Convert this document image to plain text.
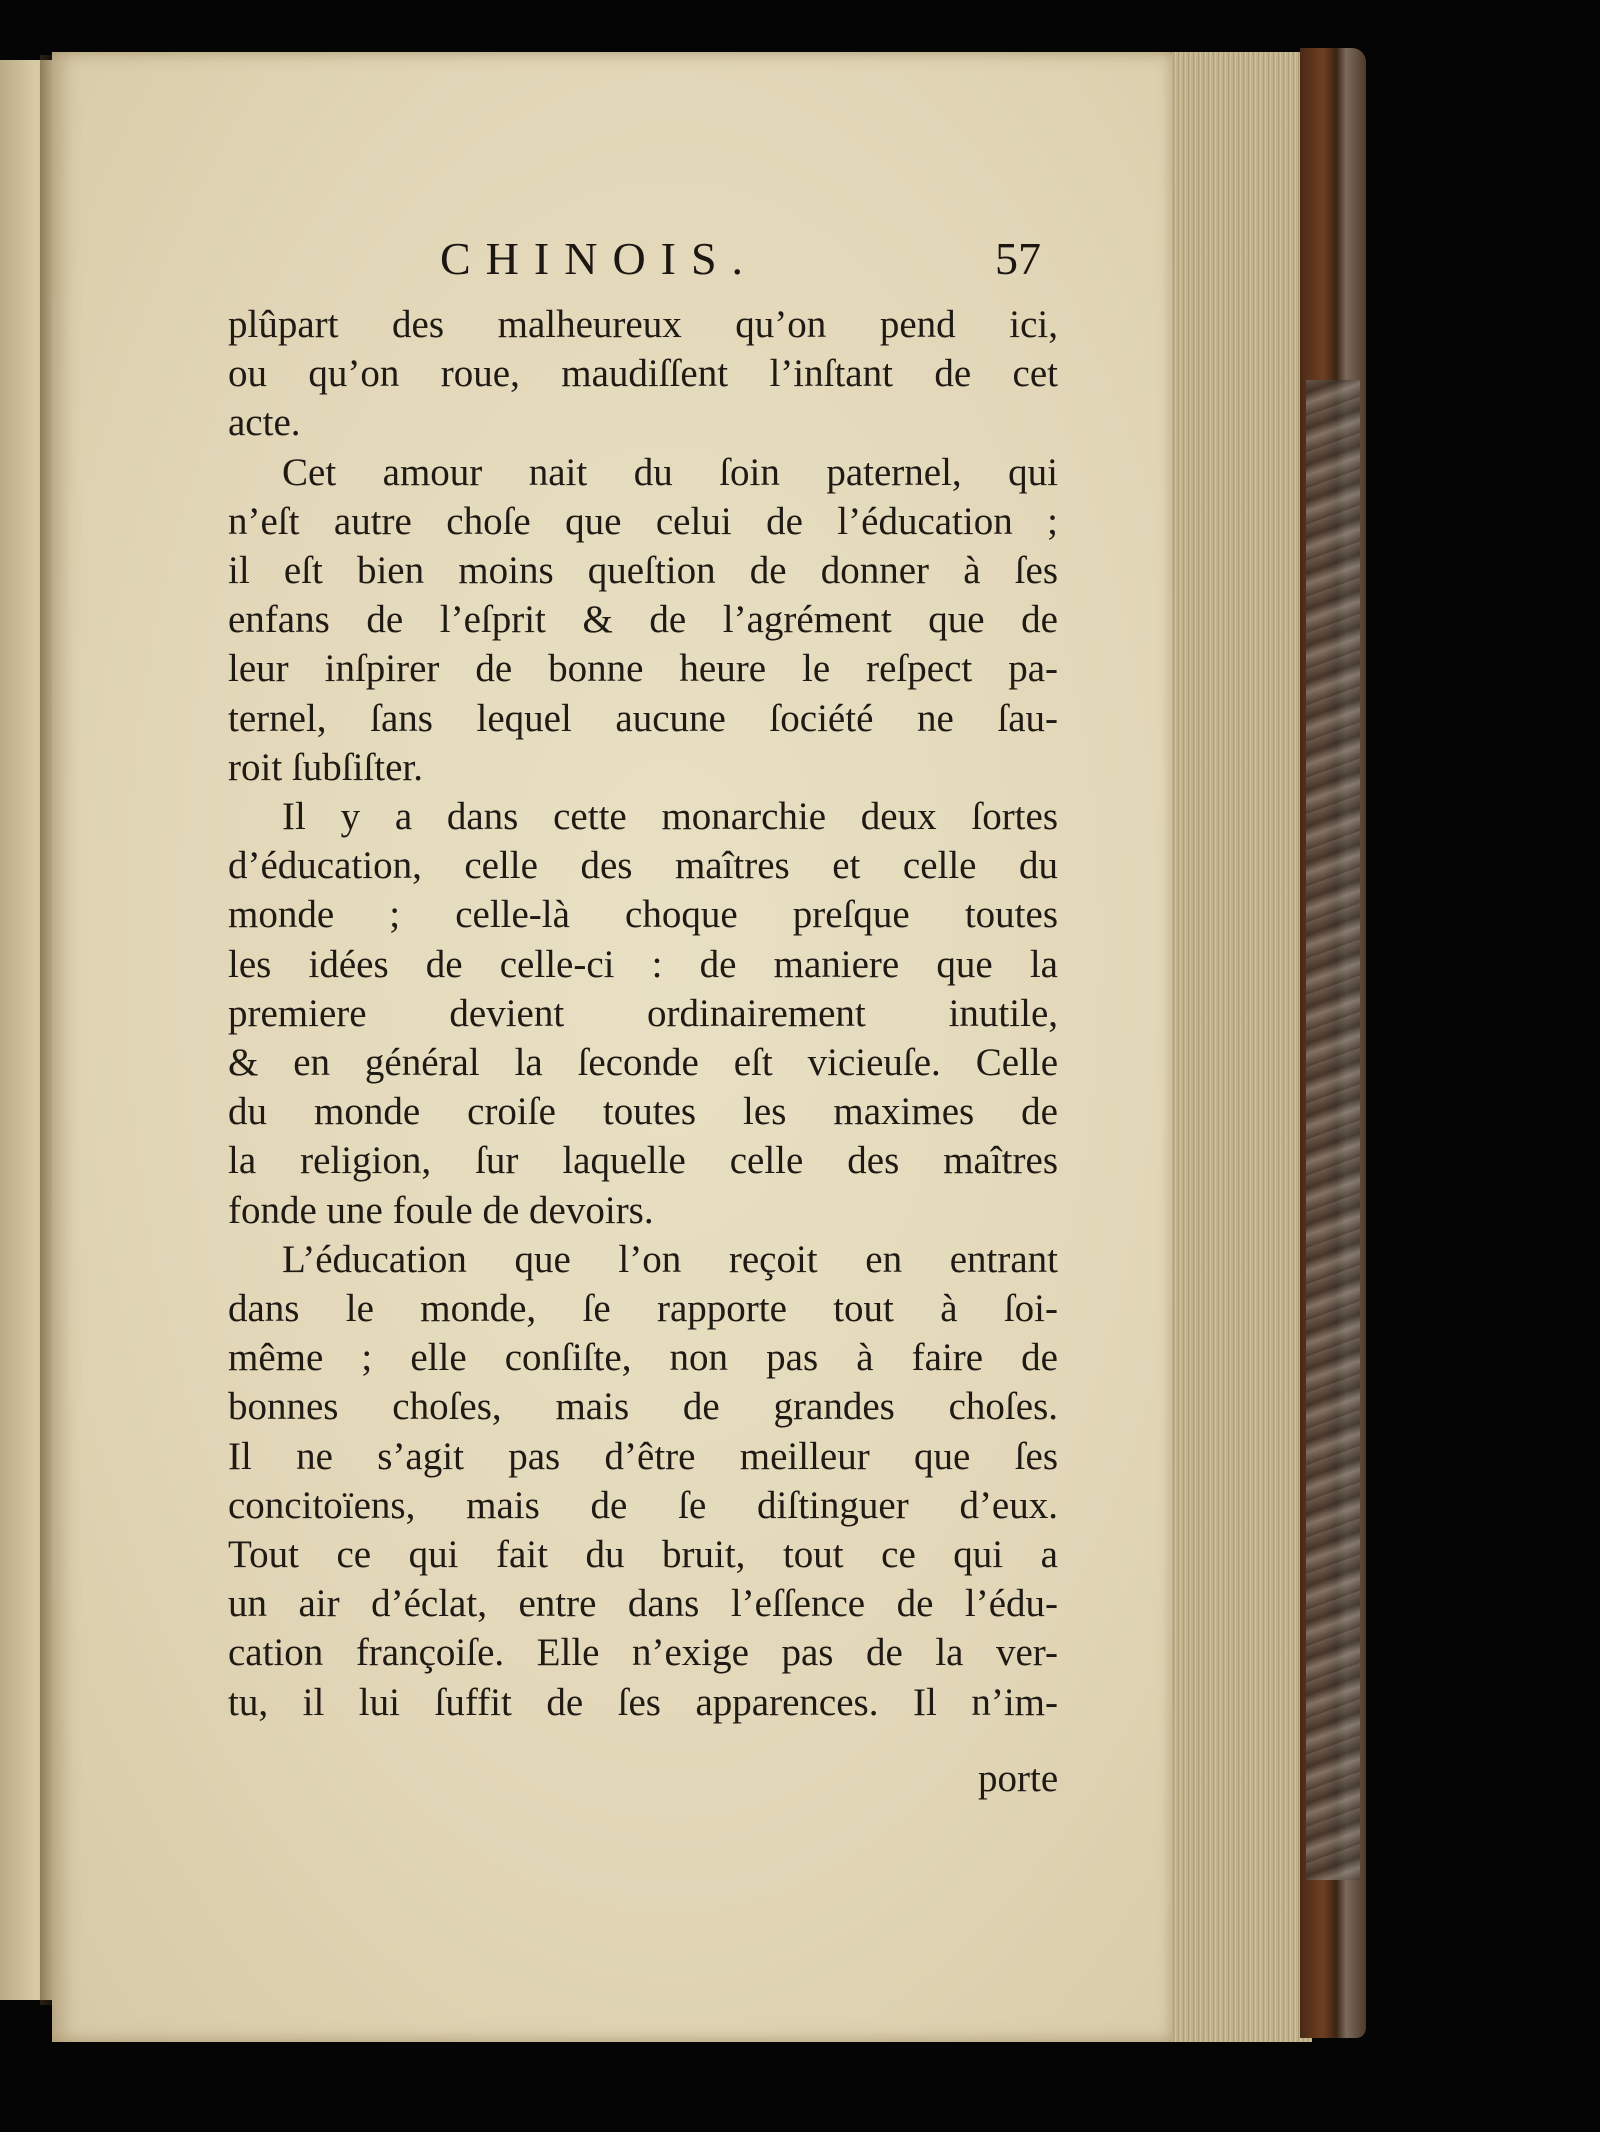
CHINOIS.	57
plûpart des malheureux qu’on pend ici,
ou qu’on roue, maudiſſent l’inſtant de cet
acte.
Cet amour nait du ſoin paternel, qui
n’eſt autre choſe que celui de l’éducation ;
il eſt bien moins queſtion de donner à ſes
enfans de l’eſprit & de l’agrément que de
leur inſpirer de bonne heure le reſpect pa-
ternel, ſans lequel aucune ſociété ne ſau-
roit ſubſiſter.
Il y a dans cette monarchie deux ſortes
d’éducation, celle des maîtres et celle du
monde ; celle-là choque preſque toutes
les idées de celle-ci : de maniere que la
premiere devient ordinairement inutile,
& en général la ſeconde eſt vicieuſe. Celle
du monde croiſe toutes les maximes de
la religion, ſur laquelle celle des maîtres
fonde une foule de devoirs.
L’éducation que l’on reçoit en entrant
dans le monde, ſe rapporte tout à ſoi-
même ; elle conſiſte, non pas à faire de
bonnes choſes, mais de grandes choſes.
Il ne s’agit pas d’être meilleur que ſes
concitoïens, mais de ſe diſtinguer d’eux.
Tout ce qui fait du bruit, tout ce qui a
un air d’éclat, entre dans l’eſſence de l’édu-
cation françoiſe. Elle n’exige pas de la ver-
tu, il lui ſuffit de ſes apparences. Il n’im-
porte
